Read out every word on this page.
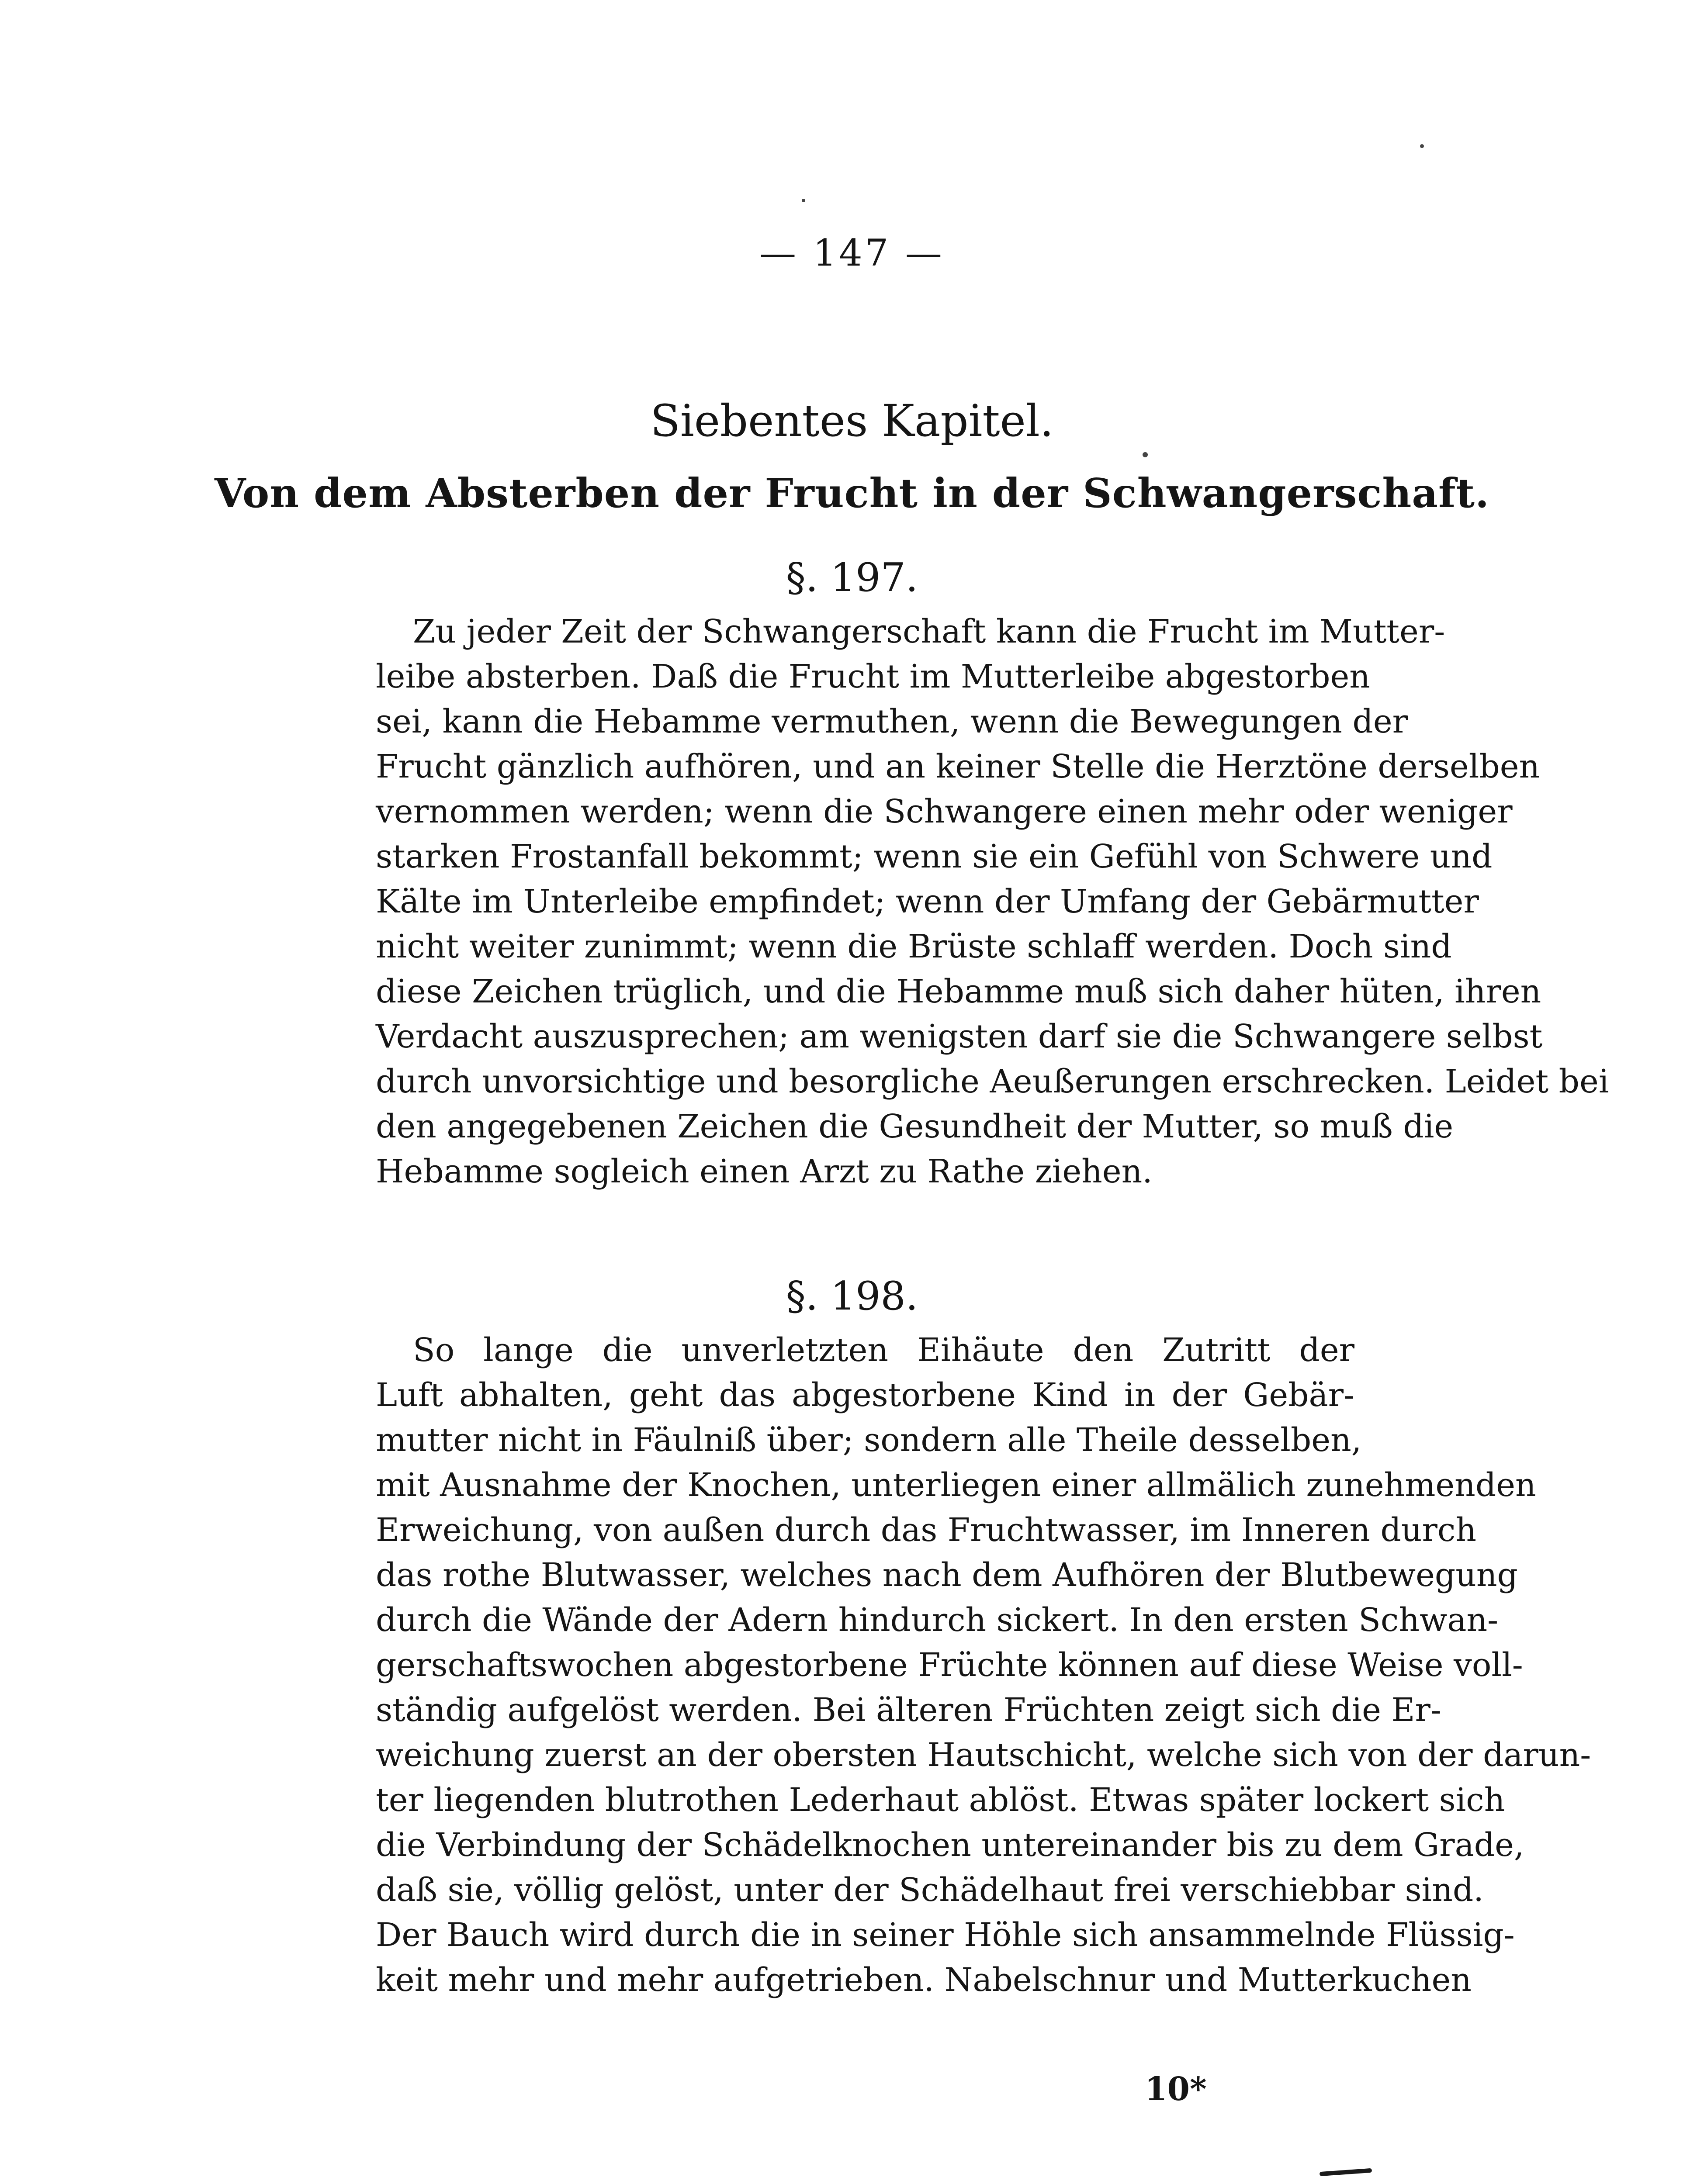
— 147 —
Siebentes Kapitel.
Von dem Absterben der Frucht in der Schwangerschaft.
§. 197.
Zu jeder Zeit der Schwangerschaft kann die Frucht im Mutter-
leibe absterben. Daß die Frucht im Mutterleibe abgestorben
sei, kann die Hebamme vermuthen, wenn die Bewegungen der
Frucht gänzlich aufhören, und an keiner Stelle die Herztöne derselben
vernommen werden; wenn die Schwangere einen mehr oder weniger
starken Frostanfall bekommt; wenn sie ein Gefühl von Schwere und
Kälte im Unterleibe empfindet; wenn der Umfang der Gebärmutter
nicht weiter zunimmt; wenn die Brüste schlaff werden. Doch sind
diese Zeichen trüglich, und die Hebamme muß sich daher hüten, ihren
Verdacht auszusprechen; am wenigsten darf sie die Schwangere selbst
durch unvorsichtige und besorgliche Aeußerungen erschrecken. Leidet bei
den angegebenen Zeichen die Gesundheit der Mutter, so muß die
Hebamme sogleich einen Arzt zu Rathe ziehen.
§. 198.
So lange die unverletzten Eihäute den Zutritt der
Luft abhalten, geht das abgestorbene Kind in der Gebär-
mutter nicht in Fäulniß über; sondern alle Theile desselben,
mit Ausnahme der Knochen, unterliegen einer allmälich zunehmenden
Erweichung, von außen durch das Fruchtwasser, im Inneren durch
das rothe Blutwasser, welches nach dem Aufhören der Blutbewegung
durch die Wände der Adern hindurch sickert. In den ersten Schwan-
gerschaftswochen abgestorbene Früchte können auf diese Weise voll-
ständig aufgelöst werden. Bei älteren Früchten zeigt sich die Er-
weichung zuerst an der obersten Hautschicht, welche sich von der darun-
ter liegenden blutrothen Lederhaut ablöst. Etwas später lockert sich
die Verbindung der Schädelknochen untereinander bis zu dem Grade,
daß sie, völlig gelöst, unter der Schädelhaut frei verschiebbar sind.
Der Bauch wird durch die in seiner Höhle sich ansammelnde Flüssig-
keit mehr und mehr aufgetrieben. Nabelschnur und Mutterkuchen
10*
